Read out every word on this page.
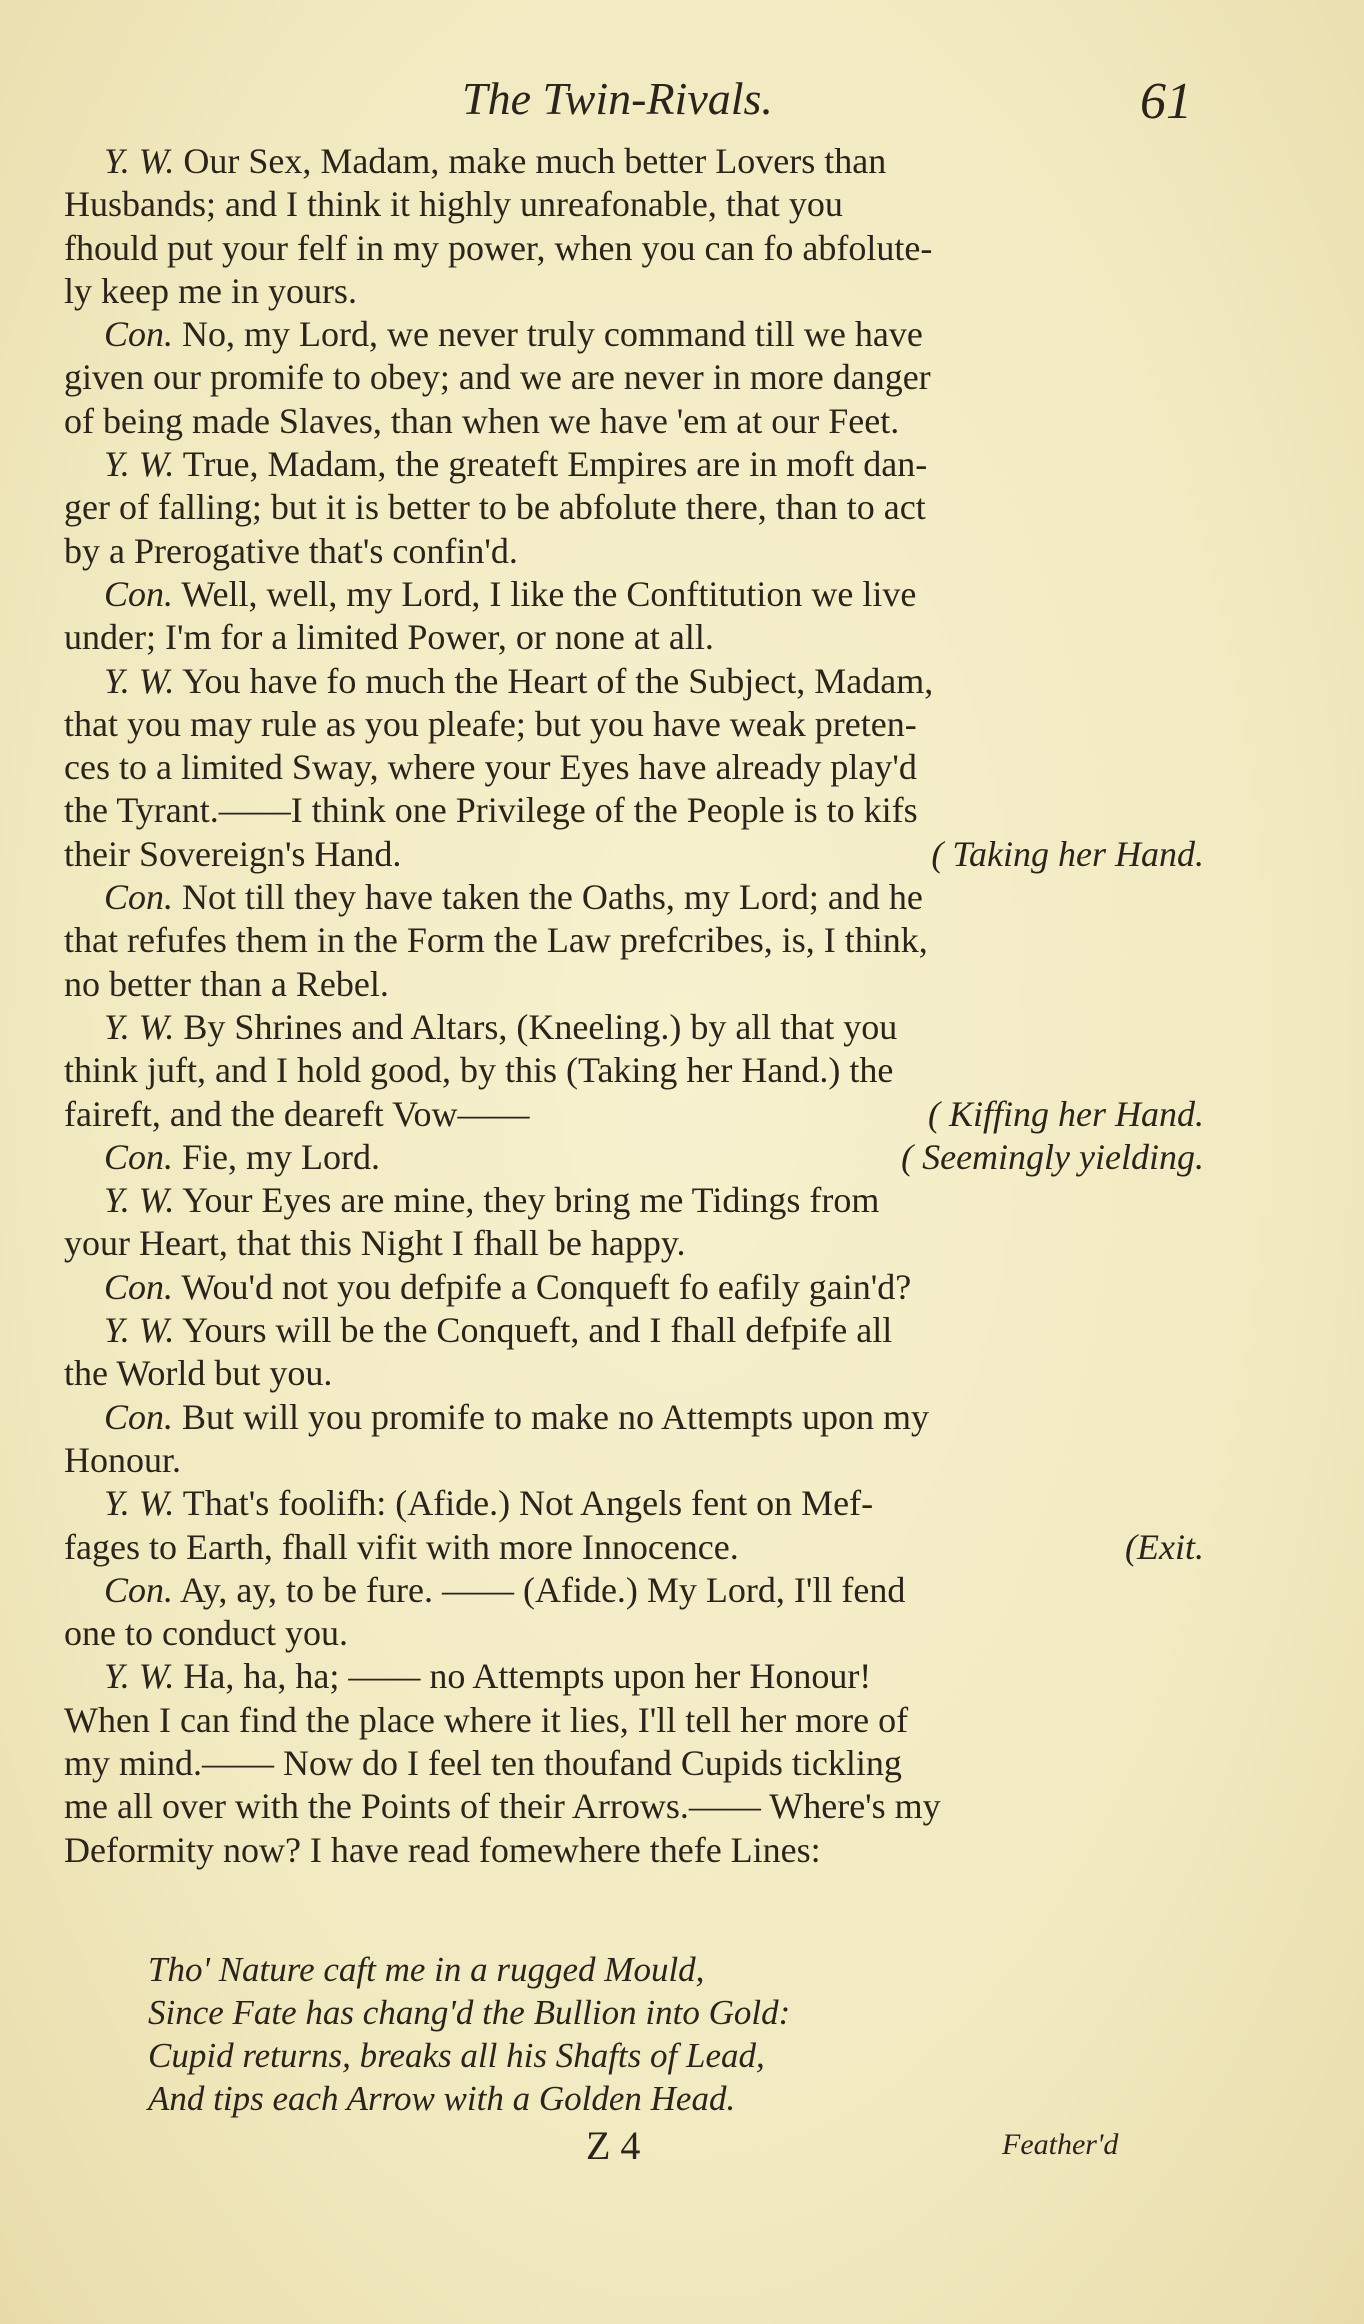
The Twin-Rivals.	61
Y. W. Our Sex, Madam, make much better Lovers than
Husbands; and I think it highly unreafonable, that you
fhould put your felf in my power, when you can fo abfolute-
ly keep me in yours.
Con. No, my Lord, we never truly command till we have
given our promife to obey; and we are never in more danger
of being made Slaves, than when we have 'em at our Feet.
Y. W. True, Madam, the greateft Empires are in moft dan-
ger of falling; but it is better to be abfolute there, than to act
by a Prerogative that's confin'd.
Con. Well, well, my Lord, I like the Conftitution we live
under; I'm for a limited Power, or none at all.
Y. W. You have fo much the Heart of the Subject, Madam,
that you may rule as you pleafe; but you have weak preten-
ces to a limited Sway, where your Eyes have already play'd
the Tyrant.——I think one Privilege of the People is to kifs
( Taking her Hand.
their Sovereign's Hand.
Con. Not till they have taken the Oaths, my Lord; and he
that refufes them in the Form the Law prefcribes, is, I think,
no better than a Rebel.
Y. W. By Shrines and Altars, (Kneeling.) by all that you
think juft, and I hold good, by this (Taking her Hand.) the
( Kiffing her Hand.
faireft, and the deareft Vow——
( Seemingly yielding.
Con. Fie, my Lord.
Y. W. Your Eyes are mine, they bring me Tidings from
your Heart, that this Night I fhall be happy.
Con. Wou'd not you defpife a Conqueft fo eafily gain'd?
Y. W. Yours will be the Conqueft, and I fhall defpife all
the World but you.
Con. But will you promife to make no Attempts upon my
Honour.
Y. W. That's foolifh: (Afide.) Not Angels fent on Mef-
(Exit.
fages to Earth, fhall vifit with more Innocence.
Con. Ay, ay, to be fure. —— (Afide.) My Lord, I'll fend
one to conduct you.
Y. W. Ha, ha, ha; —— no Attempts upon her Honour!
When I can find the place where it lies, I'll tell her more of
my mind.—— Now do I feel ten thoufand Cupids tickling
me all over with the Points of their Arrows.—— Where's my
Deformity now? I have read fomewhere thefe Lines:
Tho' Nature caft me in a rugged Mould,
Since Fate has chang'd the Bullion into Gold:
Cupid returns, breaks all his Shafts of Lead,
And tips each Arrow with a Golden Head.
Z 4	Feather'd
